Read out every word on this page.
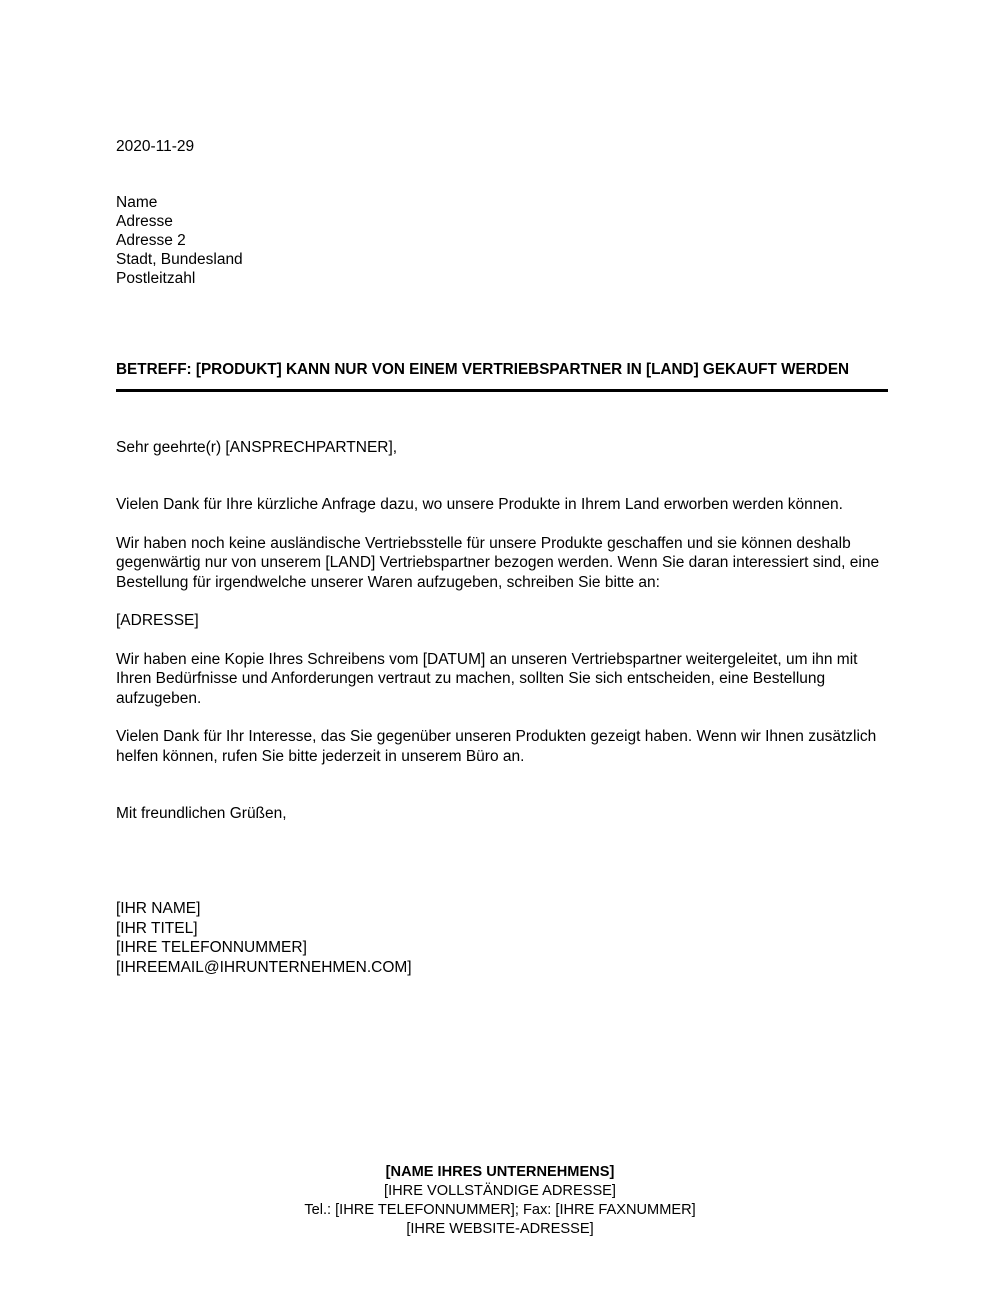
2020-11-29
Name
Adresse
Adresse 2
Stadt, Bundesland
Postleitzahl

BETREFF: [PRODUKT] KANN NUR VON EINEM VERTRIEBSPARTNER IN [LAND] GEKAUFT WERDEN

Sehr geehrte(r) [ANSPRECHPARTNER],

Vielen Dank für Ihre kürzliche Anfrage dazu, wo unsere Produkte in Ihrem Land erworben werden können.

Wir haben noch keine ausländische Vertriebsstelle für unsere Produkte geschaffen und sie können deshalb gegenwärtig nur von unserem [LAND] Vertriebspartner bezogen werden. Wenn Sie daran interessiert sind, eine Bestellung für irgendwelche unserer Waren aufzugeben, schreiben Sie bitte an:

[ADRESSE]

Wir haben eine Kopie Ihres Schreibens vom [DATUM] an unseren Vertriebspartner weitergeleitet, um ihn mit Ihren Bedürfnisse und Anforderungen vertraut zu machen, sollten Sie sich entscheiden, eine Bestellung aufzugeben.

Vielen Dank für Ihr Interesse, das Sie gegenüber unseren Produkten gezeigt haben. Wenn wir Ihnen zusätzlich helfen können, rufen Sie bitte jederzeit in unserem Büro an.

Mit freundlichen Grüßen,

[IHR NAME]
[IHR TITEL]
[IHRE TELEFONNUMMER]
[IHREEMAIL@IHRUNTERNEHMEN.COM]
[NAME IHRES UNTERNEHMENS]
[IHRE VOLLSTÄNDIGE ADRESSE]
Tel.: [IHRE TELEFONNUMMER]; Fax: [IHRE FAXNUMMER]
[IHRE WEBSITE-ADRESSE]
